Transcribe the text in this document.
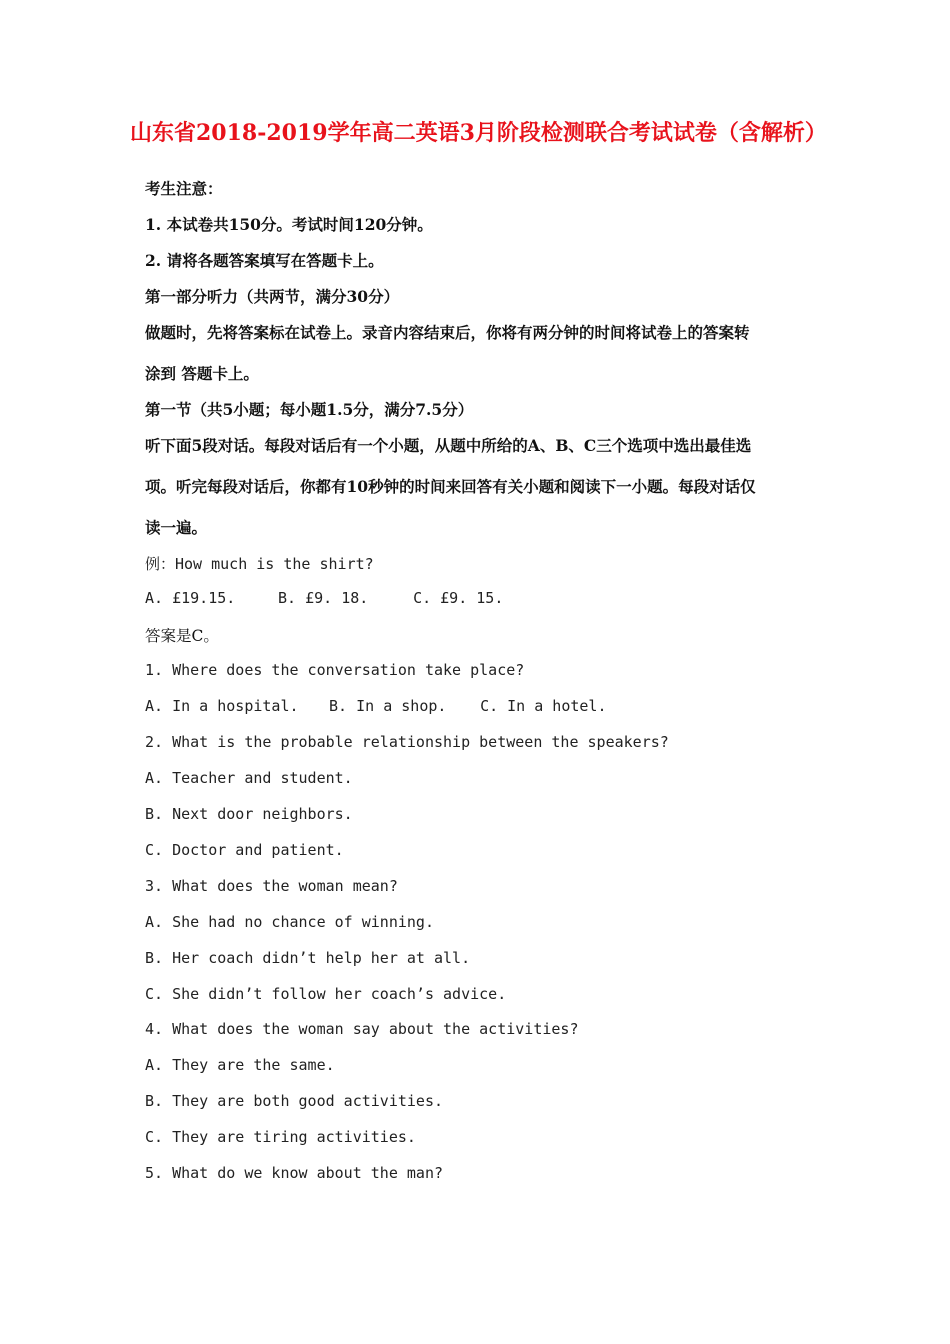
山东省2018-2019学年高二英语3月阶段检测联合考试试卷（含解析）
考生注意：
1. 本试卷共150分。考试时间120分钟。
2. 请将各题答案填写在答题卡上。
第一部分听力（共两节，满分30分）
做题时，先将答案标在试卷上。录音内容结束后，你将有两分钟的时间将试卷上的答案转
涂到 答题卡上。
第一节（共5小题；每小题1.5分，满分7.5分）
听下面5段对话。每段对话后有一个小题，从题中所给的A、B、C三个选项中选出最佳选
项。听完每段对话后，你都有10秒钟的时间来回答有关小题和阅读下一小题。每段对话仅
读一遍。
例：How much is the shirt?
A. £19.15.	B. £9. 18.	C. £9. 15.
答案是C。
1. Where does the conversation take place?
A. In a hospital. B. In a shop. C. In a hotel.
2. What is the probable relationship between the speakers?
A. Teacher and student.
B. Next door neighbors.
C. Doctor and patient.
3. What does the woman mean?
A. She had no chance of winning.
B. Her coach didn’t help her at all.
C. She didn’t follow her coach’s advice.
4. What does the woman say about the activities?
A. They are the same.
B. They are both good activities.
C. They are tiring activities.
5. What do we know about the man?
